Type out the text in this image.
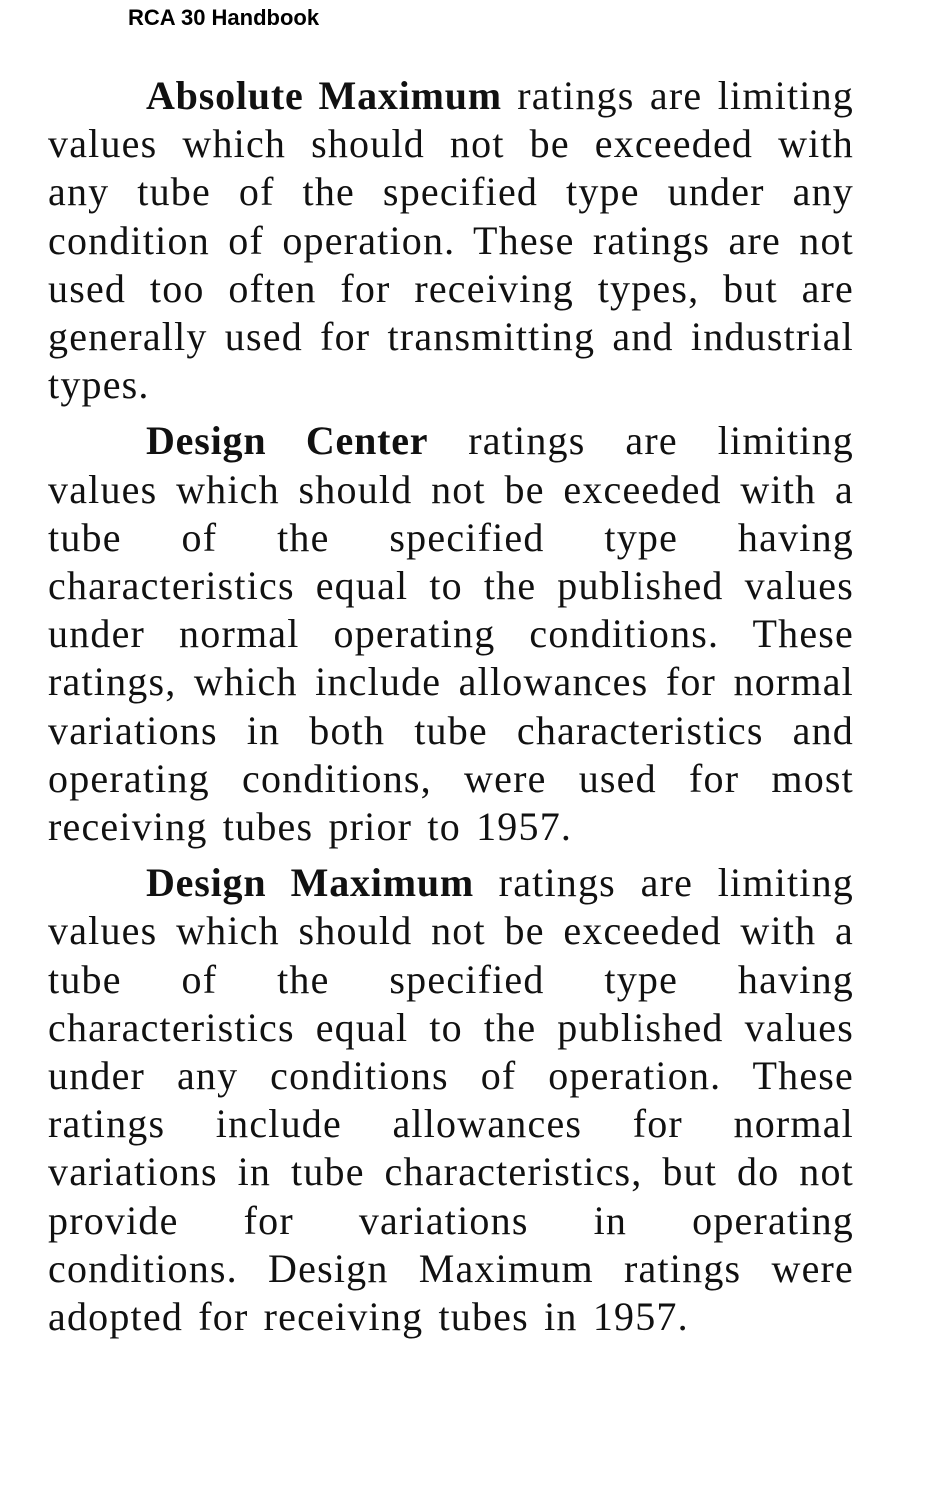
RCA 30 Handbook

Absolute Maximum ratings are limiting values which should not be exceeded with any tube of the specified type under any condition of operation. These ratings are not used too often for receiving types, but are generally used for transmitting and industrial types.

Design Center ratings are limiting values which should not be exceeded with a tube of the specified type having characteristics equal to the published values under normal operating conditions. These ratings, which include allowances for normal variations in both tube characteristics and operating conditions, were used for most receiving tubes prior to 1957.

Design Maximum ratings are limiting values which should not be exceeded with a tube of the specified type having characteristics equal to the published values under any conditions of operation. These ratings include allowances for normal variations in tube characteristics, but do not provide for variations in operating conditions. Design Maximum ratings were adopted for receiving tubes in 1957.
